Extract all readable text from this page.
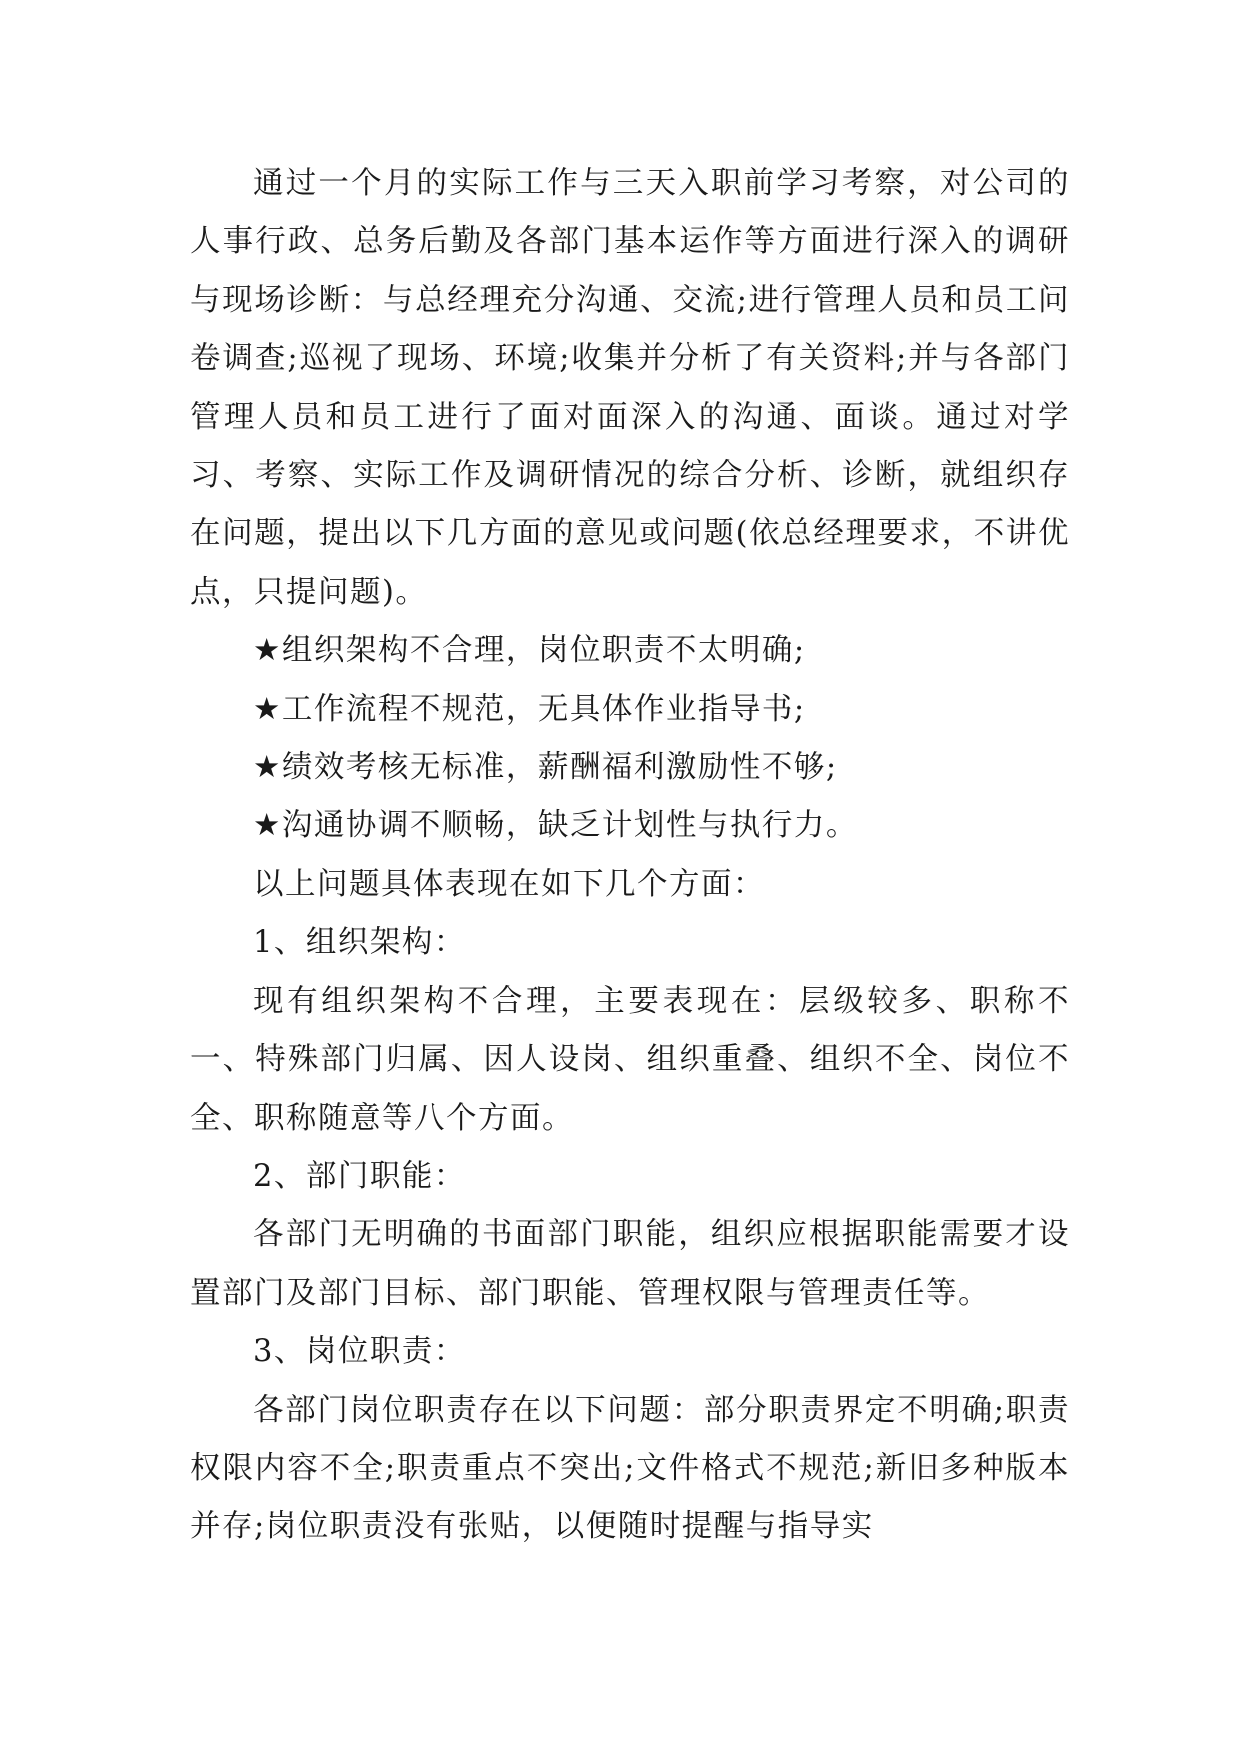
通过一个月的实际工作与三天入职前学习考察，对公司的人事行政、总务后勤及各部门基本运作等方面进行深入的调研与现场诊断：与总经理充分沟通、交流;进行管理人员和员工问卷调查;巡视了现场、环境;收集并分析了有关资料;并与各部门管理人员和员工进行了面对面深入的沟通、面谈。通过对学习、考察、实际工作及调研情况的综合分析、诊断，就组织存在问题，提出以下几方面的意见或问题(依总经理要求，不讲优点，只提问题)。

★组织架构不合理，岗位职责不太明确;

★工作流程不规范，无具体作业指导书;

★绩效考核无标准，薪酬福利激励性不够;

★沟通协调不顺畅，缺乏计划性与执行力。

以上问题具体表现在如下几个方面：

1、组织架构：

现有组织架构不合理，主要表现在：层级较多、职称不一、特殊部门归属、因人设岗、组织重叠、组织不全、岗位不全、职称随意等八个方面。

2、部门职能：

各部门无明确的书面部门职能，组织应根据职能需要才设置部门及部门目标、部门职能、管理权限与管理责任等。

3、岗位职责：

各部门岗位职责存在以下问题：部分职责界定不明确;职责权限内容不全;职责重点不突出;文件格式不规范;新旧多种版本并存;岗位职责没有张贴，以便随时提醒与指导实
